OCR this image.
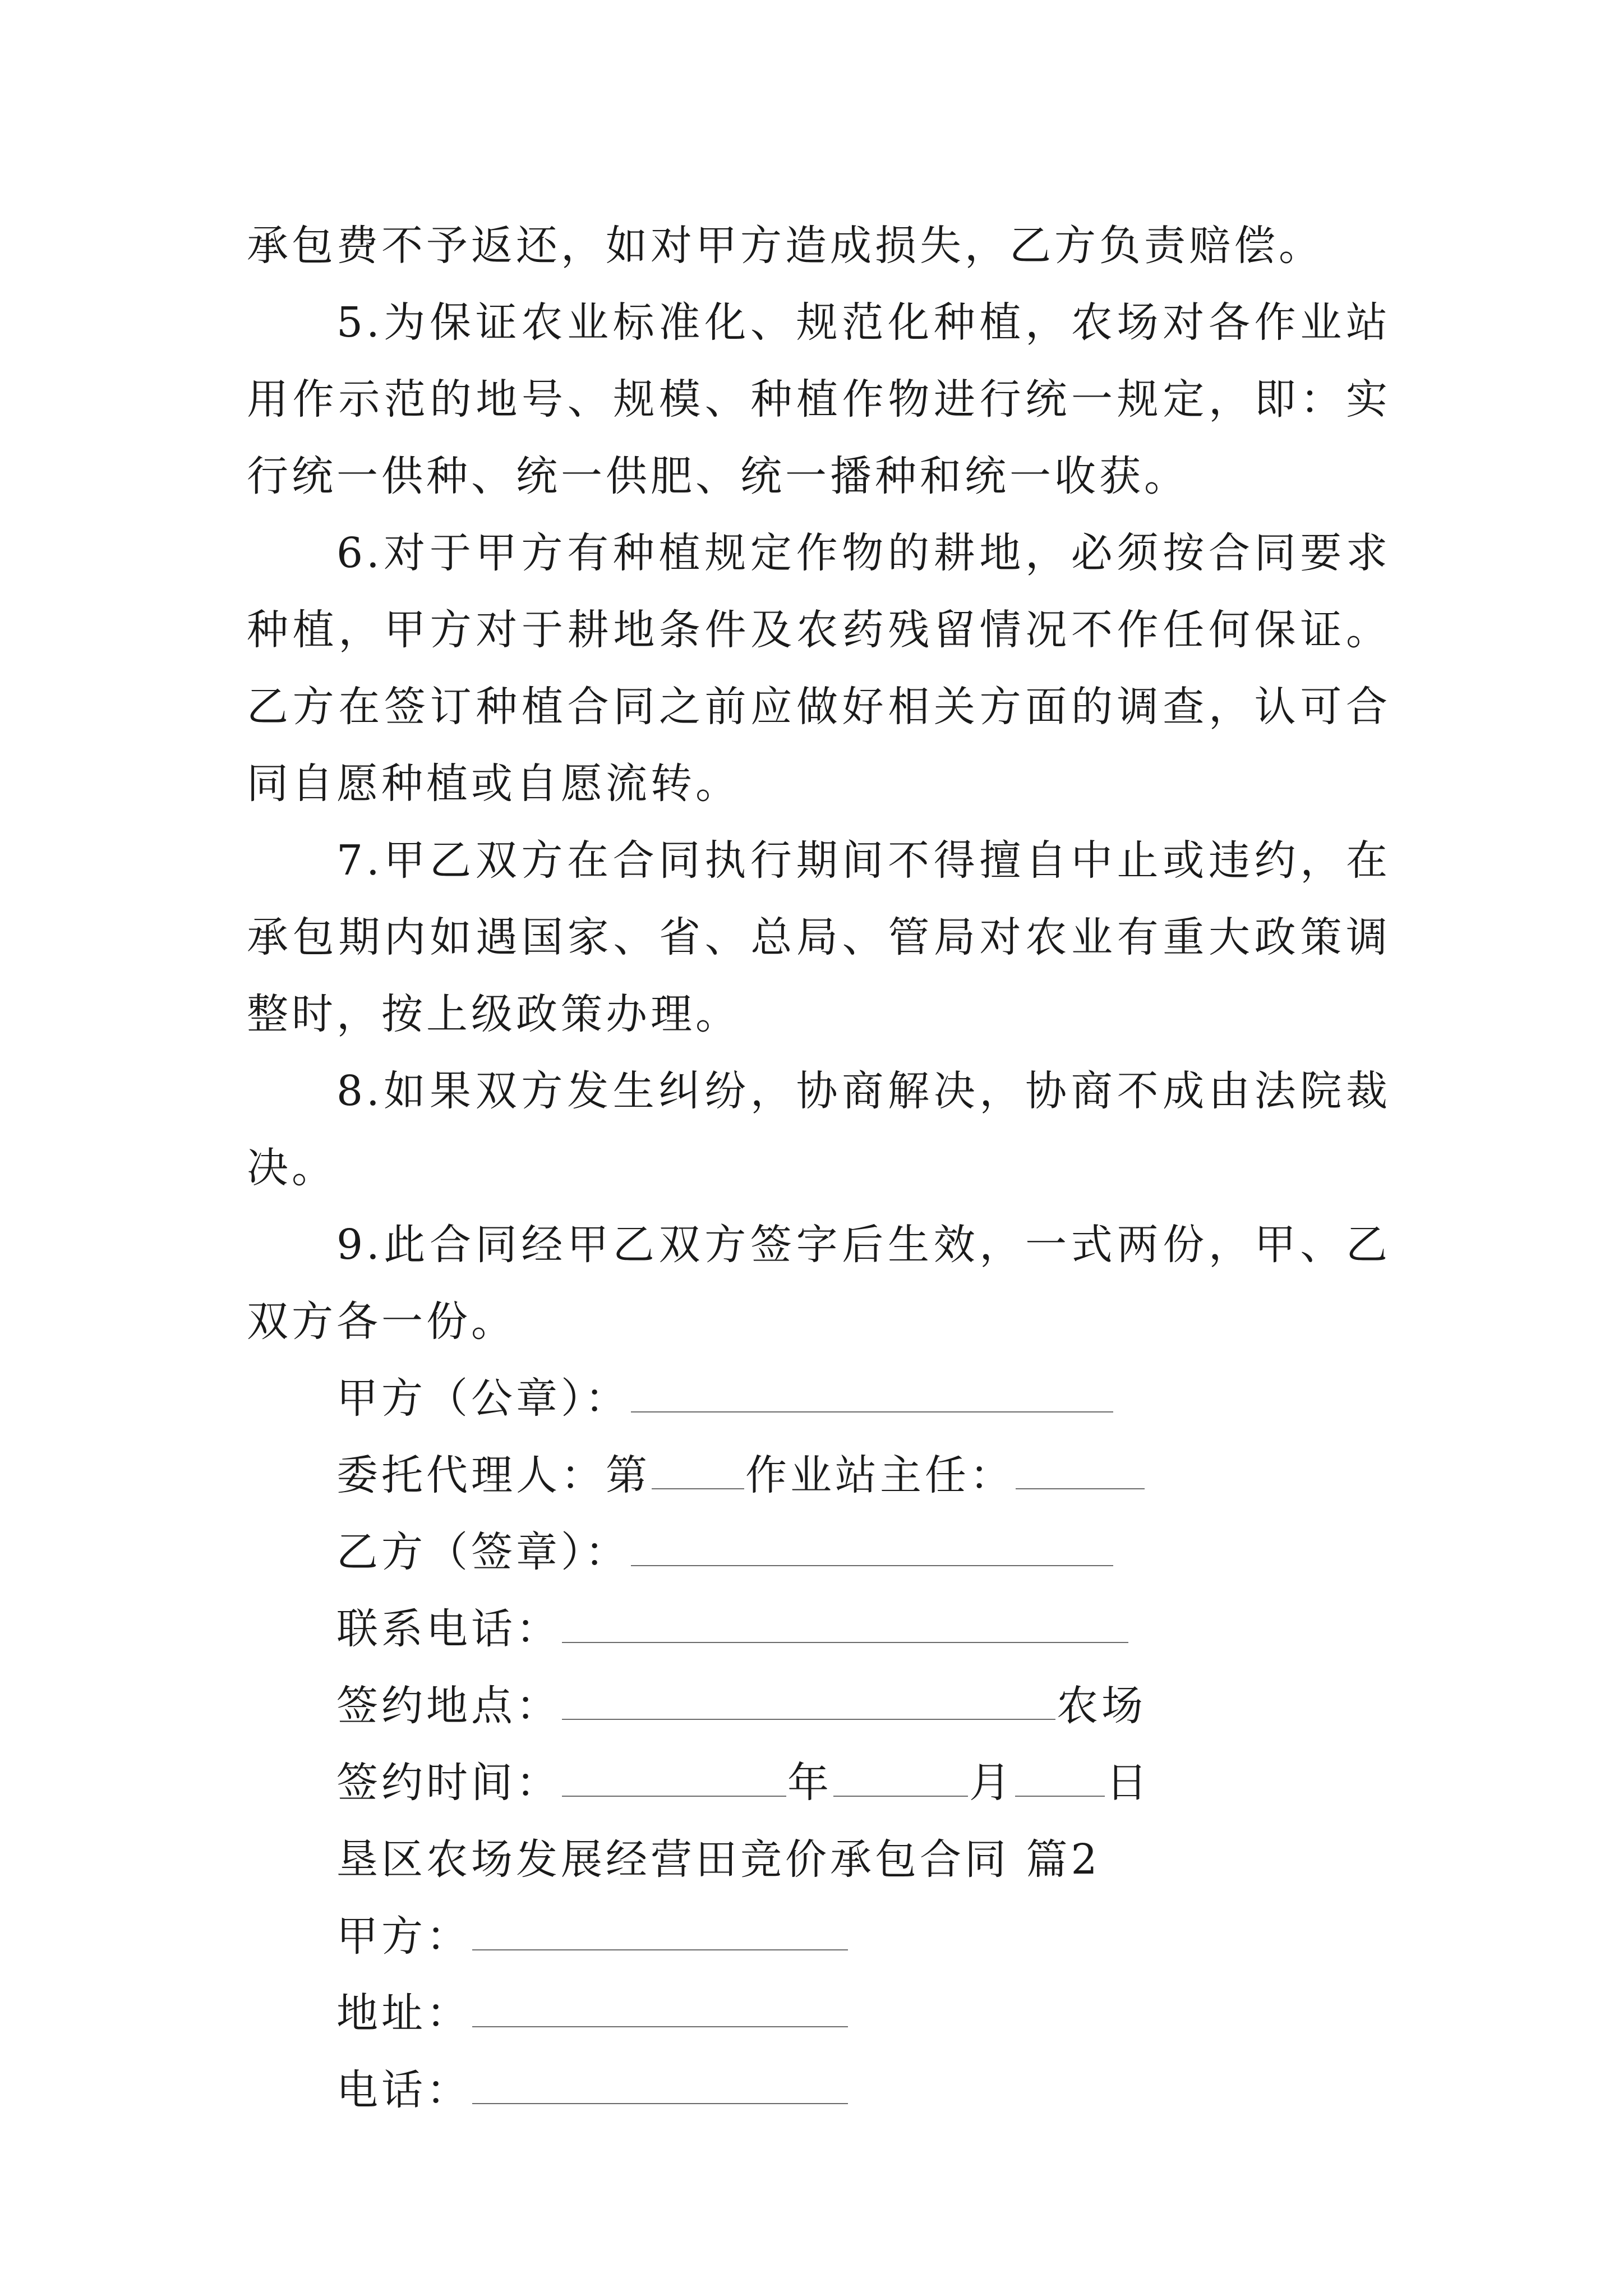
承包费不予返还，如对甲方造成损失，乙方负责赔偿。

5.为保证农业标准化、规范化种植，农场对各作业站用作示范的地号、规模、种植作物进行统一规定，即：实行统一供种、统一供肥、统一播种和统一收获。

6.对于甲方有种植规定作物的耕地，必须按合同要求种植，甲方对于耕地条件及农药残留情况不作任何保证。乙方在签订种植合同之前应做好相关方面的调查，认可合同自愿种植或自愿流转。

7.甲乙双方在合同执行期间不得擅自中止或违约，在承包期内如遇国家、省、总局、管局对农业有重大政策调整时，按上级政策办理。

8.如果双方发生纠纷，协商解决，协商不成由法院裁决。

9.此合同经甲乙双方签字后生效，一式两份，甲、乙双方各一份。

甲方（公章）：
委托代理人：第 作业站主任：
乙方（签章）：
联系电话：
签约地点：	农场
签约时间：	年	月 日
垦区农场发展经营田竞价承包合同 篇2
甲方：
地址：
电话：
